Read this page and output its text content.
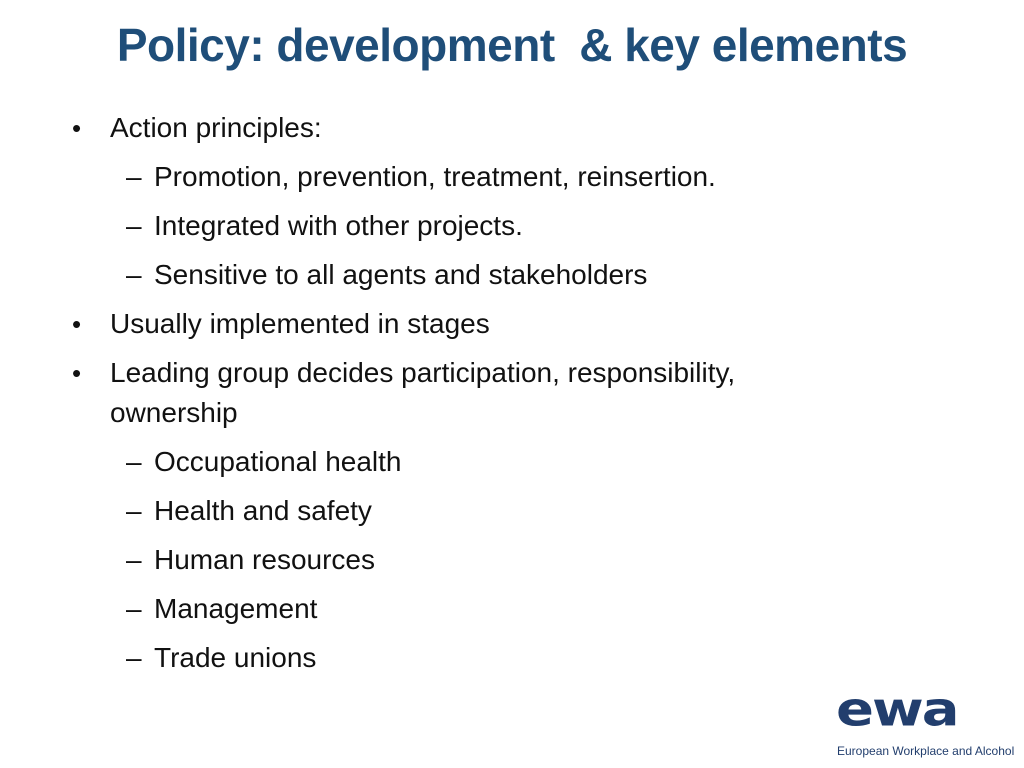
Policy: development  & key elements
• Action principles:
– Promotion, prevention, treatment, reinsertion.
– Integrated with other projects.
– Sensitive to all agents and stakeholders
• Usually implemented in stages
• Leading group decides participation, responsibility, ownership
– Occupational health
– Health and safety
– Human resources
– Management
– Trade unions
ewa
European Workplace and Alcohol
